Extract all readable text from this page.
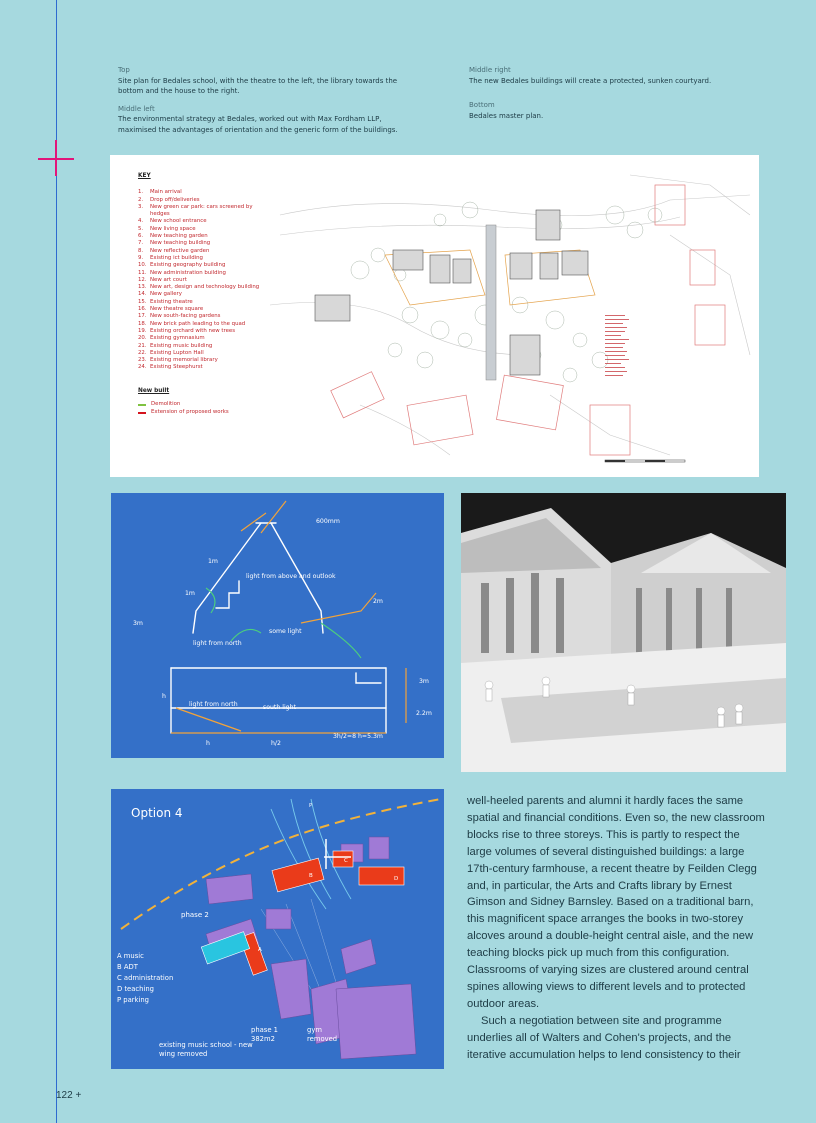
Top
Site plan for Bedales school, with the theatre to the left, the library towards the bottom and the house to the right.
Middle left
The environmental strategy at Bedales, worked out with Max Fordham LLP, maximised the advantages of orientation and the generic form of the buildings.
Middle right
The new Bedales buildings will create a protected, sunken courtyard.
Bottom
Bedales master plan.
KEY
1. Main arrival
2. Drop off/deliveries
3. New green car park: cars screened by hedges
4. New school entrance
5. New living space
6. New teaching garden
7. New teaching building
8. New reflective garden
9. Existing ict building
10. Existing geography building
11. New administration building
12. New art court
13. New art, design and technology building
14. New gallery
15. Existing theatre
16. New theatre square
17. New south-facing gardens
18. New brick path leading to the quad
19. Existing orchard with new trees
20. Existing gymnasium
21. Existing music building
22. Existing Lupton Hall
23. Existing memorial library
24. Existing Steephurst
New built
Demolition
Extension of proposed works
600mm
1m
1m
3m
2m
3m
2.2m
light from above and outlook
light from north
some light
light from north	south light
h
h	h/2
3h/2=8 h=5.3m
B
C
D
A
P
Option 4
phase 2
A music
B ADT
C administration
D teaching
P parking
existing music school - new wing removed
phase 1 382m2
gym removed

well-heeled parents and alumni it hardly faces the same spatial and financial conditions. Even so, the new classroom blocks rise to three storeys. This is partly to respect the large volumes of several distinguished buildings: a large 17th-century farmhouse, a recent theatre by Feilden Clegg and, in particular, the Arts and Crafts library by Ernest Gimson and Sidney Barnsley. Based on a traditional barn, this magnificent space arranges the books in two-storey alcoves around a double-height central aisle, and the new teaching blocks pick up much from this configuration. Classrooms of varying sizes are clustered around central spines allowing views to different levels and to protected outdoor areas.

Such a negotiation between site and programme underlies all of Walters and Cohen's projects, and the iterative accumulation helps to lend consistency to their

122 +
